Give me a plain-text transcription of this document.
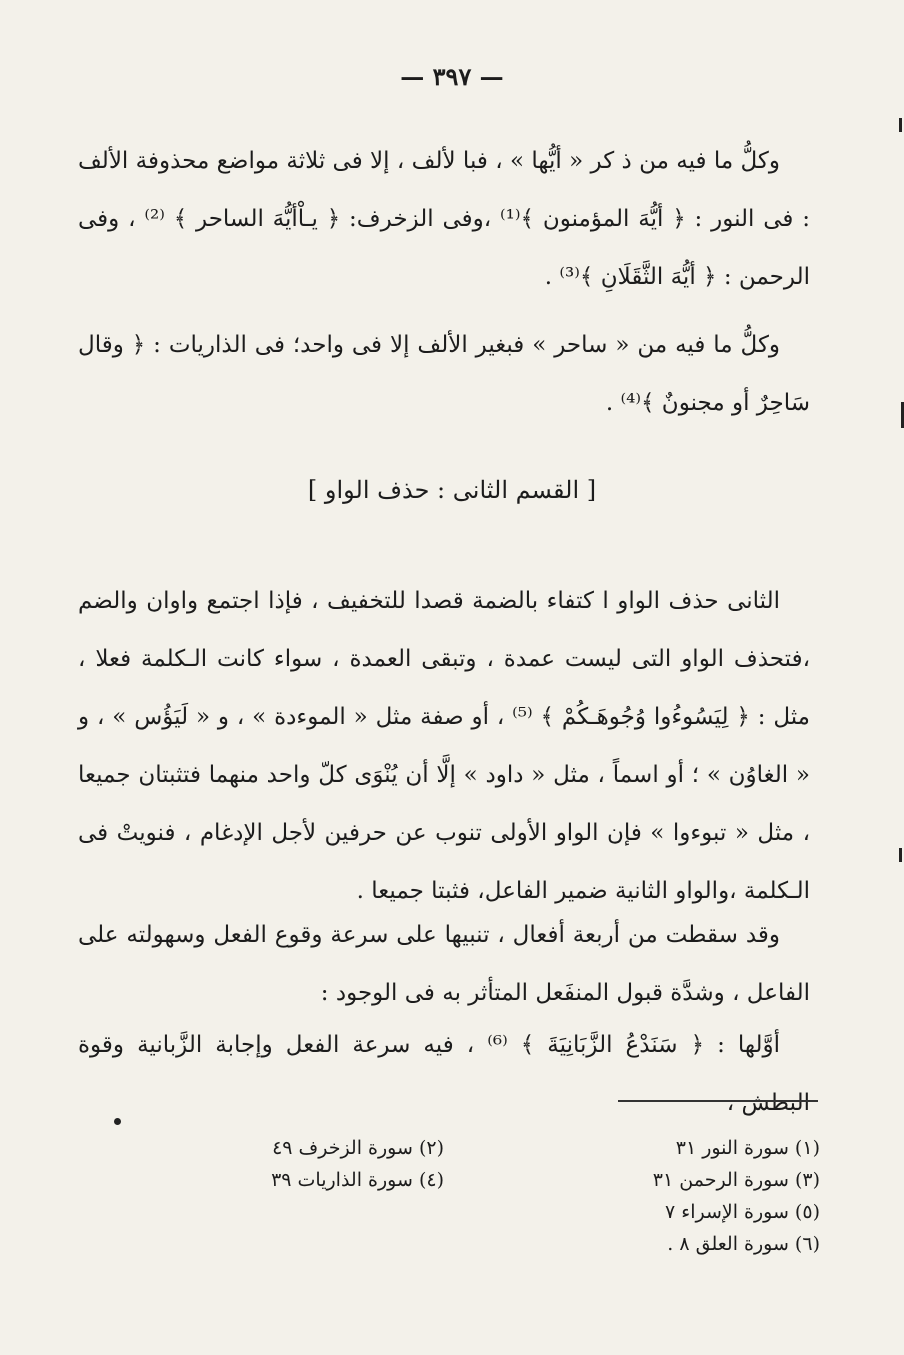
— ٣٩٧ —
وكلُّ ما فيه من ذ كر « أيُّها » ، فبا لألف ، إلا فى ثلاثة مواضع محذوفة الألف : فى النور : ﴿ أيُّهَ المؤمنون ﴾⁽¹⁾ ،وفى الزخرف: ﴿ يـاْأيُّهَ الساحر ﴾ ⁽²⁾ ، وفى الرحمن : ﴿ أيُّهَ الثَّقَلَانِ ﴾⁽³⁾ .
وكلُّ ما فيه من « ساحر » فبغير الألف إلا فى واحد؛ فى الذاريات : ﴿ وقال سَاحِرٌ أو مجنونٌ ﴾⁽⁴⁾ .
[ القسم الثانى : حذف الواو ]
الثانى حذف الواو ا كتفاء بالضمة قصدا للتخفيف ، فإذا اجتمع واوان والضم ،فتحذف الواو التى ليست عمدة ، وتبقى العمدة ، سواء كانت الـكلمة فعلا ، مثل : ﴿ لِيَسُوءُوا وُجُوهَـكُمْ ﴾ ⁽⁵⁾ ، أو صفة مثل « الموءدة » ، و « لَيَؤُس » ، و « الغاوُن » ؛ أو اسماً ، مثل « داود » إلَّا أن يُنْوَى كلّ واحد منهما فتثبتان جميعا ، مثل « تبوءوا » فإن الواو الأولى تنوب عن حرفين لأجل الإدغام ، فنويتْ فى الـكلمة ،والواو الثانية ضمير الفاعل، فثبتا جميعا .
وقد سقطت من أربعة أفعال ، تنبيها على سرعة وقوع الفعل وسهولته على الفاعل ، وشدَّة قبول المنفَعل المتأثر به فى الوجود :
أوَّلها : ﴿ سَنَدْعُ الزَّبَانِيَةَ ﴾ ⁽⁶⁾ ، فيه سرعة الفعل وإجابة الزَّبانية وقوة البطش ،
(١) سورة النور ٣١
(٣) سورة الرحمن ٣١
(٥) سورة الإسراء ٧
(٦) سورة العلق ٨ .
(٢) سورة الزخرف ٤٩
(٤) سورة الذاريات ٣٩
